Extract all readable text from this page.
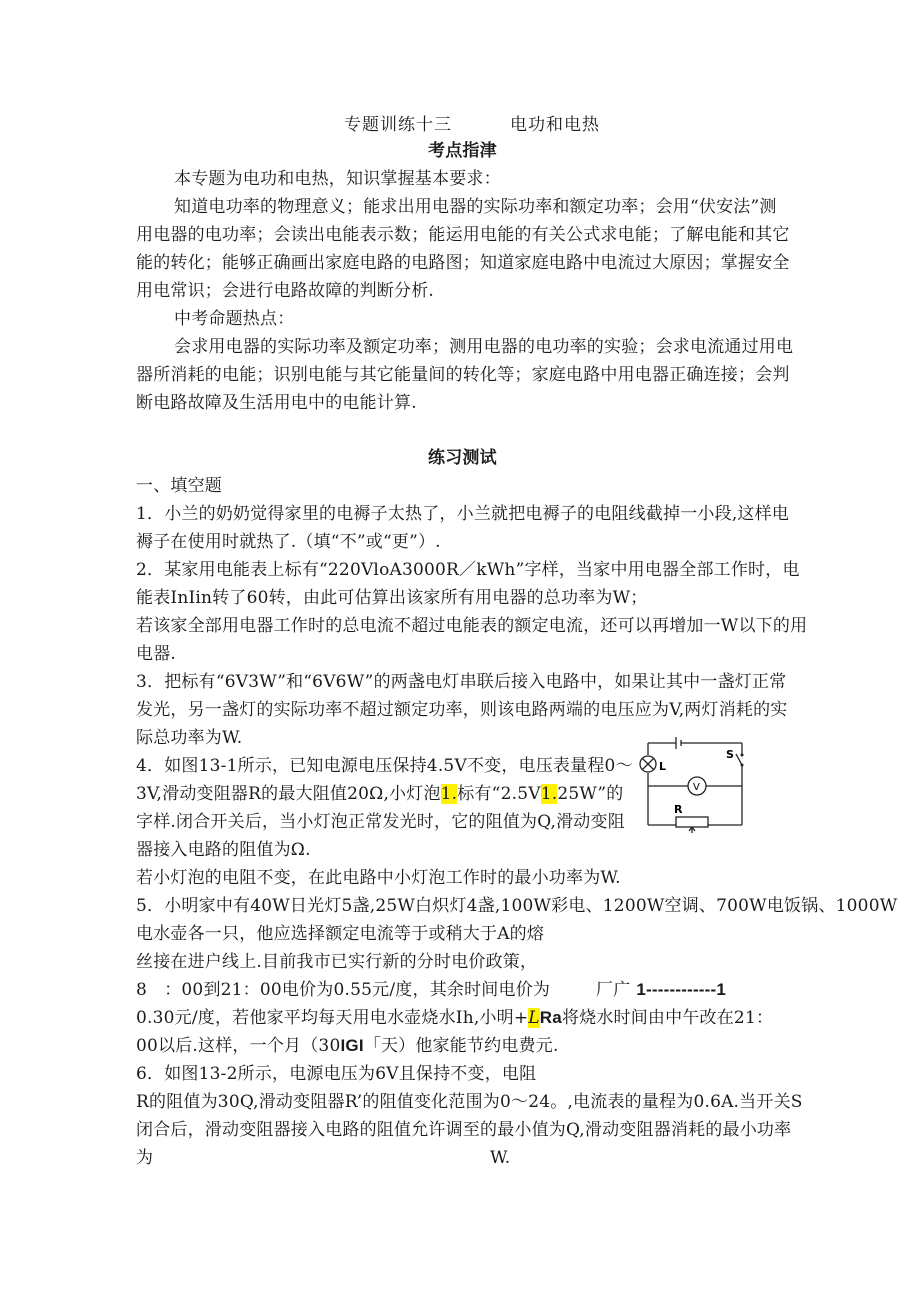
专题训练十三	电功和电热
考点指津
本专题为电功和电热，知识掌握基本要求：
知道电功率的物理意义；能求出用电器的实际功率和额定功率；会用“伏安法”测
用电器的电功率；会读出电能表示数；能运用电能的有关公式求电能；了解电能和其它
能的转化；能够正确画出家庭电路的电路图；知道家庭电路中电流过大原因；掌握安全
用电常识；会进行电路故障的判断分析.
中考命题热点：
会求用电器的实际功率及额定功率；测用电器的电功率的实验；会求电流通过用电
器所消耗的电能；识别电能与其它能量间的转化等；家庭电路中用电器正确连接；会判
断电路故障及生活用电中的电能计算.
练习测试
一、填空题
1．小兰的奶奶觉得家里的电褥子太热了，小兰就把电褥子的电阻线截掉一小段,这样电
褥子在使用时就热了.（填“不”或“更”）.
2．某家用电能表上标有“220VloA3000R／kWh”字样，当家中用电器全部工作时，电
能表InIin转了60转，由此可估算出该家所有用电器的总功率为W；
若该家全部用电器工作时的总电流不超过电能表的额定电流，还可以再增加一W以下的用
电器.
3．把标有“6V3W”和“6V6W”的两盏电灯串联后接入电路中，如果让其中一盏灯正常
发光，另一盏灯的实际功率不超过额定功率，则该电路两端的电压应为V,两灯消耗的实
际总功率为W.
4．如图13-1所示，已知电源电压保持4.5V不变，电压表量程0～
3V,滑动变阻器R的最大阻值20Ω,小灯泡1.标有“2.5V1.25W”的
字样.闭合开关后，当小灯泡正常发光时，它的阻值为Q,滑动变阻
器接入电路的阻值为Ω.
若小灯泡的电阻不变，在此电路中小灯泡工作时的最小功率为W.
L
V
S
R
5．小明家中有40W日光灯5盏,25W白炽灯4盏,100W彩电、1200W空调、700W电饭锅、1000W
电水壶各一只，他应选择额定电流等于或稍大于A的熔
丝接在进户线上.目前我市已实行新的分时电价政策，
8　：00到21：00电价为0.55元/度，其余时间电价为	厂广 1------------1
0.30元/度，若他家平均每天用电水壶烧水Ih,小明+LRa将烧水时间由中午改在21：
00以后.这样，一个月（30IGI「天）他家能节约电费元.
6．如图13-2所示，电源电压为6V且保持不变，电阻
R的阻值为30Q,滑动变阻器R’的阻值变化范围为0～24。,电流表的量程为0.6A.当开关S
闭合后，滑动变阻器接入电路的阻值允许调至的最小值为Q,滑动变阻器消耗的最小功率
为	W.
